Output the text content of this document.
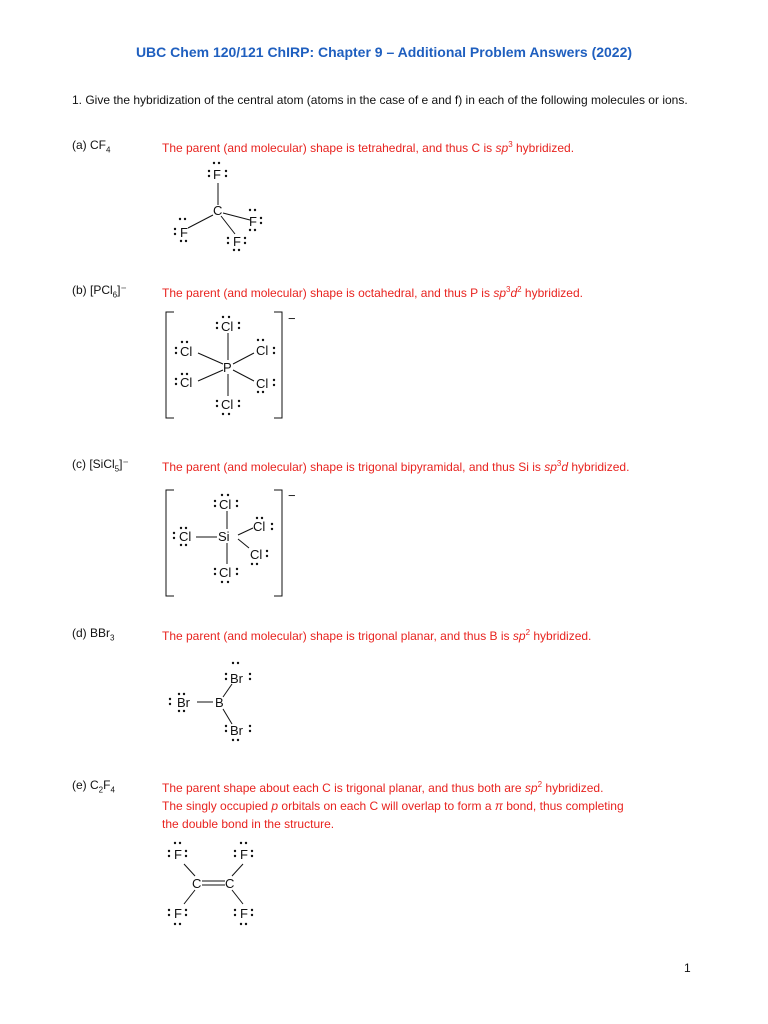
UBC Chem 120/121 ChIRP: Chapter 9 – Additional Problem Answers (2022)
1. Give the hybridization of the central atom (atoms in the case of e and f) in each of the following molecules or ions.
(a) $CF_4$	The parent (and molecular) shape is tetrahedral, and thus C is $sp^3$ hybridized.
F
C
F
F
F
(b) [PCl$_6$]⁻	The parent (and molecular) shape is octahedral, and thus P is $sp^3d^2$ hybridized.
Cl
P
Cl
Cl
Cl
Cl
Cl
−
(c) [SiCl$_5$]⁻	The parent (and molecular) shape is trigonal bipyramidal, and thus Si is $sp^3d$ hybridized.
Cl
Si
Cl
Cl
Cl
Cl
−
(d) BBr$_3$	The parent (and molecular) shape is trigonal planar, and thus B is $sp^2$ hybridized.
Br B
Br
Br
(e) $C_2F_4$	The parent shape about each C is trigonal planar, and thus both are $sp^2$ hybridized.
The singly occupied p orbitals on each C will overlap to form a π bond, thus completing
the double bond in the structure.
F
C C
F
F	F
1
